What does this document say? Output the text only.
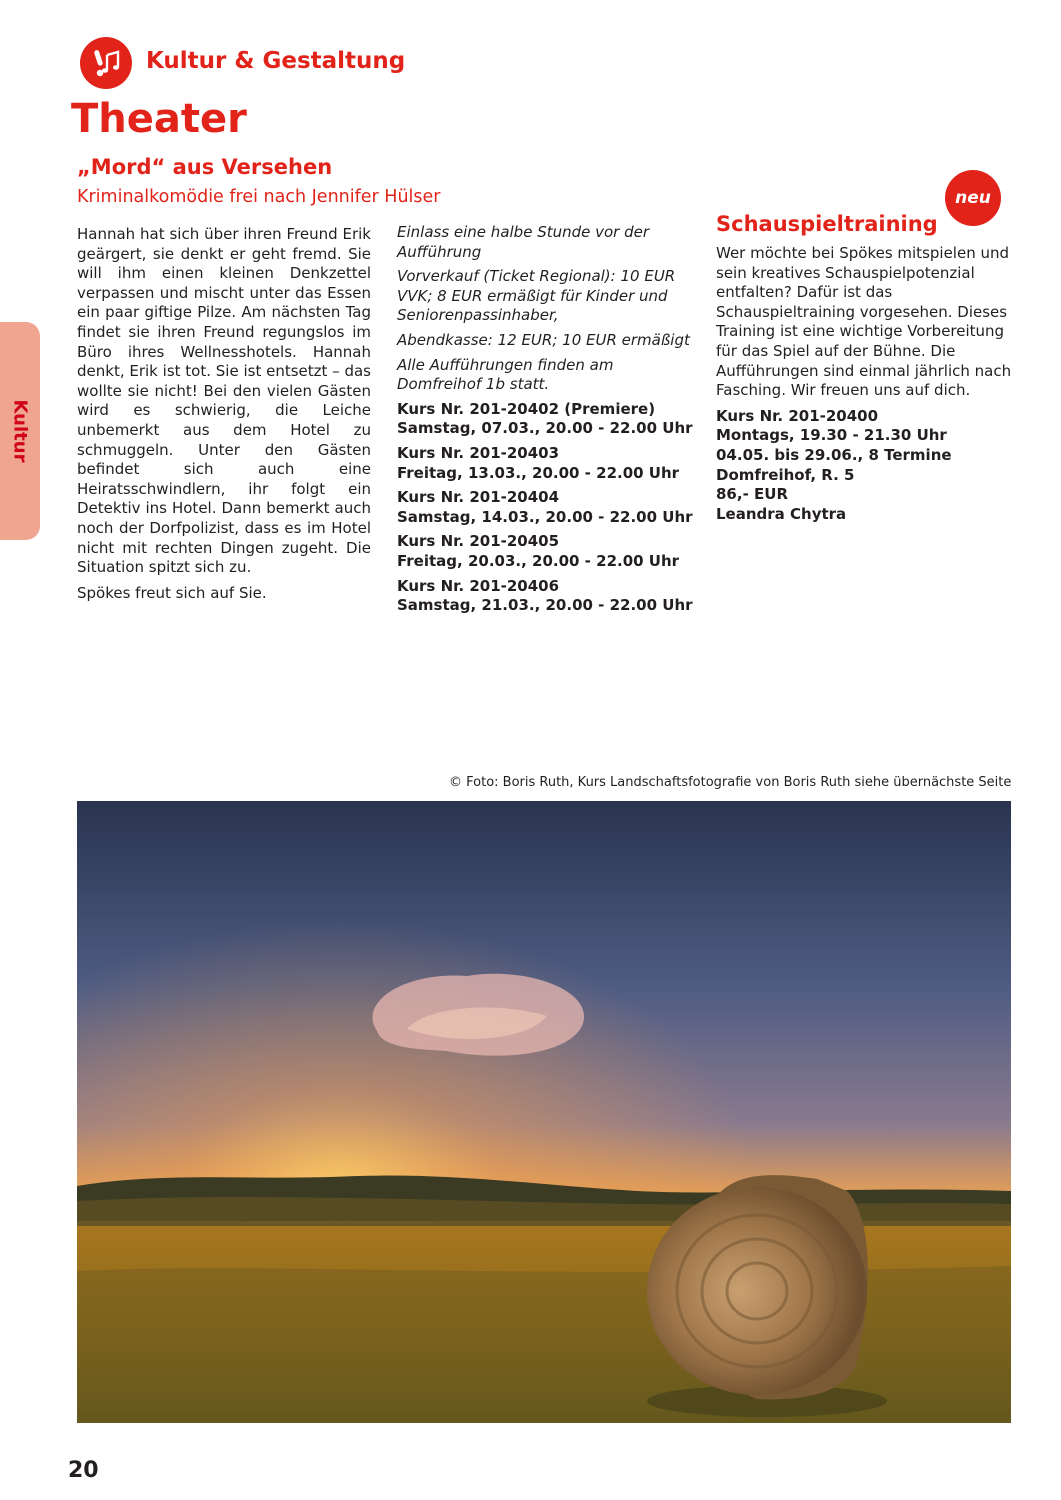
Kultur & Gestaltung
Theater
Kultur
„Mord“ aus Versehen
Kriminalkomödie frei nach Jennifer Hülser

Hannah hat sich über ihren Freund Erik geärgert, sie denkt er geht fremd. Sie will ihm einen kleinen Denkzettel verpassen und mischt unter das Essen ein paar giftige Pilze. Am nächsten Tag findet sie ihren Freund regungslos im Büro ihres Wellnesshotels. Hannah denkt, Erik ist tot. Sie ist entsetzt – das wollte sie nicht! Bei den vielen Gästen wird es schwierig, die Leiche unbemerkt aus dem Hotel zu schmuggeln. Unter den Gästen befindet sich auch eine Heiratsschwindlern, ihr folgt ein Detektiv ins Hotel. Dann bemerkt auch noch der Dorfpolizist, dass es im Hotel nicht mit rechten Dingen zugeht. Die Situation spitzt sich zu.

Spökes freut sich auf Sie.

Einlass eine halbe Stunde vor der Aufführung
Vorverkauf (Ticket Regional): 10 EUR VVK; 8 EUR ermäßigt für Kinder und Seniorenpassinhaber,
Abendkasse: 12 EUR; 10 EUR ermäßigt
Alle Aufführungen finden am Domfreihof 1b statt.
Kurs Nr. 201-20402 (Premiere)
Samstag, 07.03., 20.00 - 22.00 Uhr
Kurs Nr. 201-20403
Freitag, 13.03., 20.00 - 22.00 Uhr
Kurs Nr. 201-20404
Samstag, 14.03., 20.00 - 22.00 Uhr
Kurs Nr. 201-20405
Freitag, 20.03., 20.00 - 22.00 Uhr
Kurs Nr. 201-20406
Samstag, 21.03., 20.00 - 22.00 Uhr
neu
Schauspieltraining
Wer möchte bei Spökes mitspielen und sein kreatives Schauspielpotenzial entfalten? Dafür ist das Schauspieltraining vorgesehen. Dieses Training ist eine wichtige Vorbereitung für das Spiel auf der Bühne. Die Aufführungen sind einmal jährlich nach Fasching. Wir freuen uns auf dich.
Kurs Nr. 201-20400
Montags, 19.30 - 21.30 Uhr
04.05. bis 29.06., 8 Termine
Domfreihof, R. 5
86,- EUR
Leandra Chytra
© Foto: Boris Ruth, Kurs Landschaftsfotografie von Boris Ruth siehe übernächste Seite
20
